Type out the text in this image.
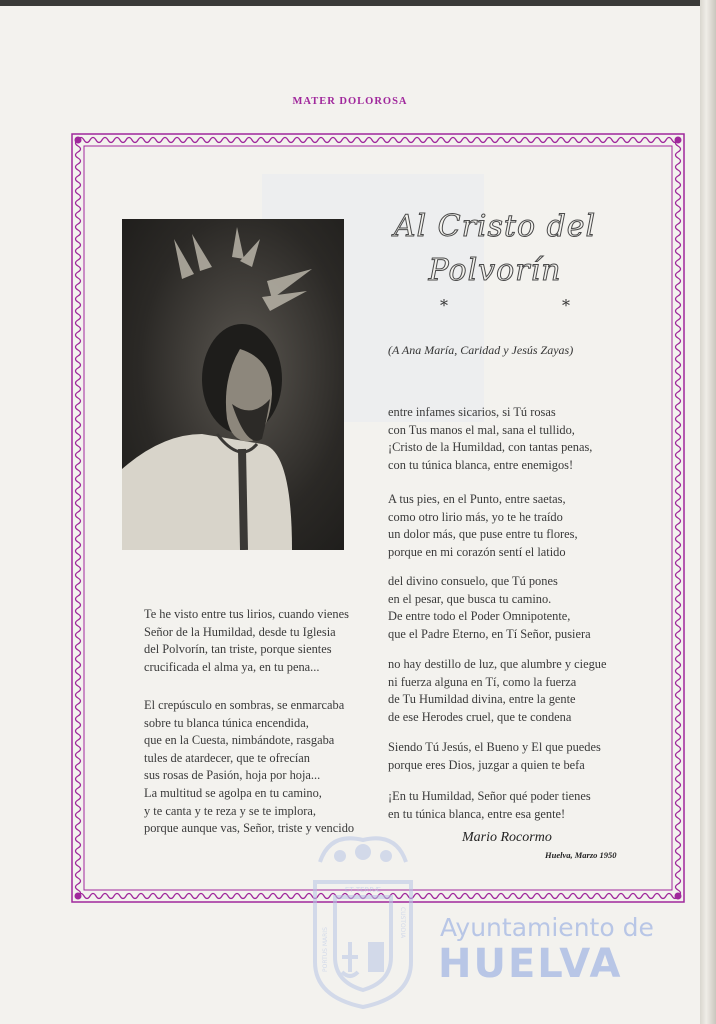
MATER DOLOROSA
Al Cristo del
Polvorín
*	*
(A Ana María, Caridad y Jesús Zayas)
Te he visto entre tus lirios, cuando vienes
Señor de la Humildad, desde tu Iglesia
del Polvorín, tan triste, porque sientes
crucificada el alma ya, en tu pena...
El crepúsculo en sombras, se enmarcaba
sobre tu blanca túnica encendida,
que en la Cuesta, nimbándote, rasgaba
tules de atardecer, que te ofrecían
sus rosas de Pasión, hoja por hoja...
La multitud se agolpa en tu camino,
y te canta y te reza y se te implora,
porque aunque vas, Señor, triste y vencido
entre infames sicarios, si Tú rosas
con Tus manos el mal, sana el tullido,
¡Cristo de la Humildad, con tantas penas,
con tu túnica blanca, entre enemigos!
A tus pies, en el Punto, entre saetas,
como otro lirio más, yo te he traído
un dolor más, que puse entre tu flores,
porque en mi corazón sentí el latido
del divino consuelo, que Tú pones
en el pesar, que busca tu camino.
De entre todo el Poder Omnipotente,
que el Padre Eterno, en Tí Señor, pusiera
no hay destillo de luz, que alumbre y ciegue
ni fuerza alguna en Tí, como la fuerza
de Tu Humildad divina, entre la gente
de ese Herodes cruel, que te condena
Siendo Tú Jesús, el Bueno y El que puedes
porque eres Dios, juzgar a quien te befa
¡En tu Humildad, Señor qué poder tienes
en tu túnica blanca, entre esa gente!
Mario Rocormo
Huelva, Marzo 1950
ET TERRÆ
PORTUS MARIS
CUSTODIA Ayuntamiento de
HUELVA
